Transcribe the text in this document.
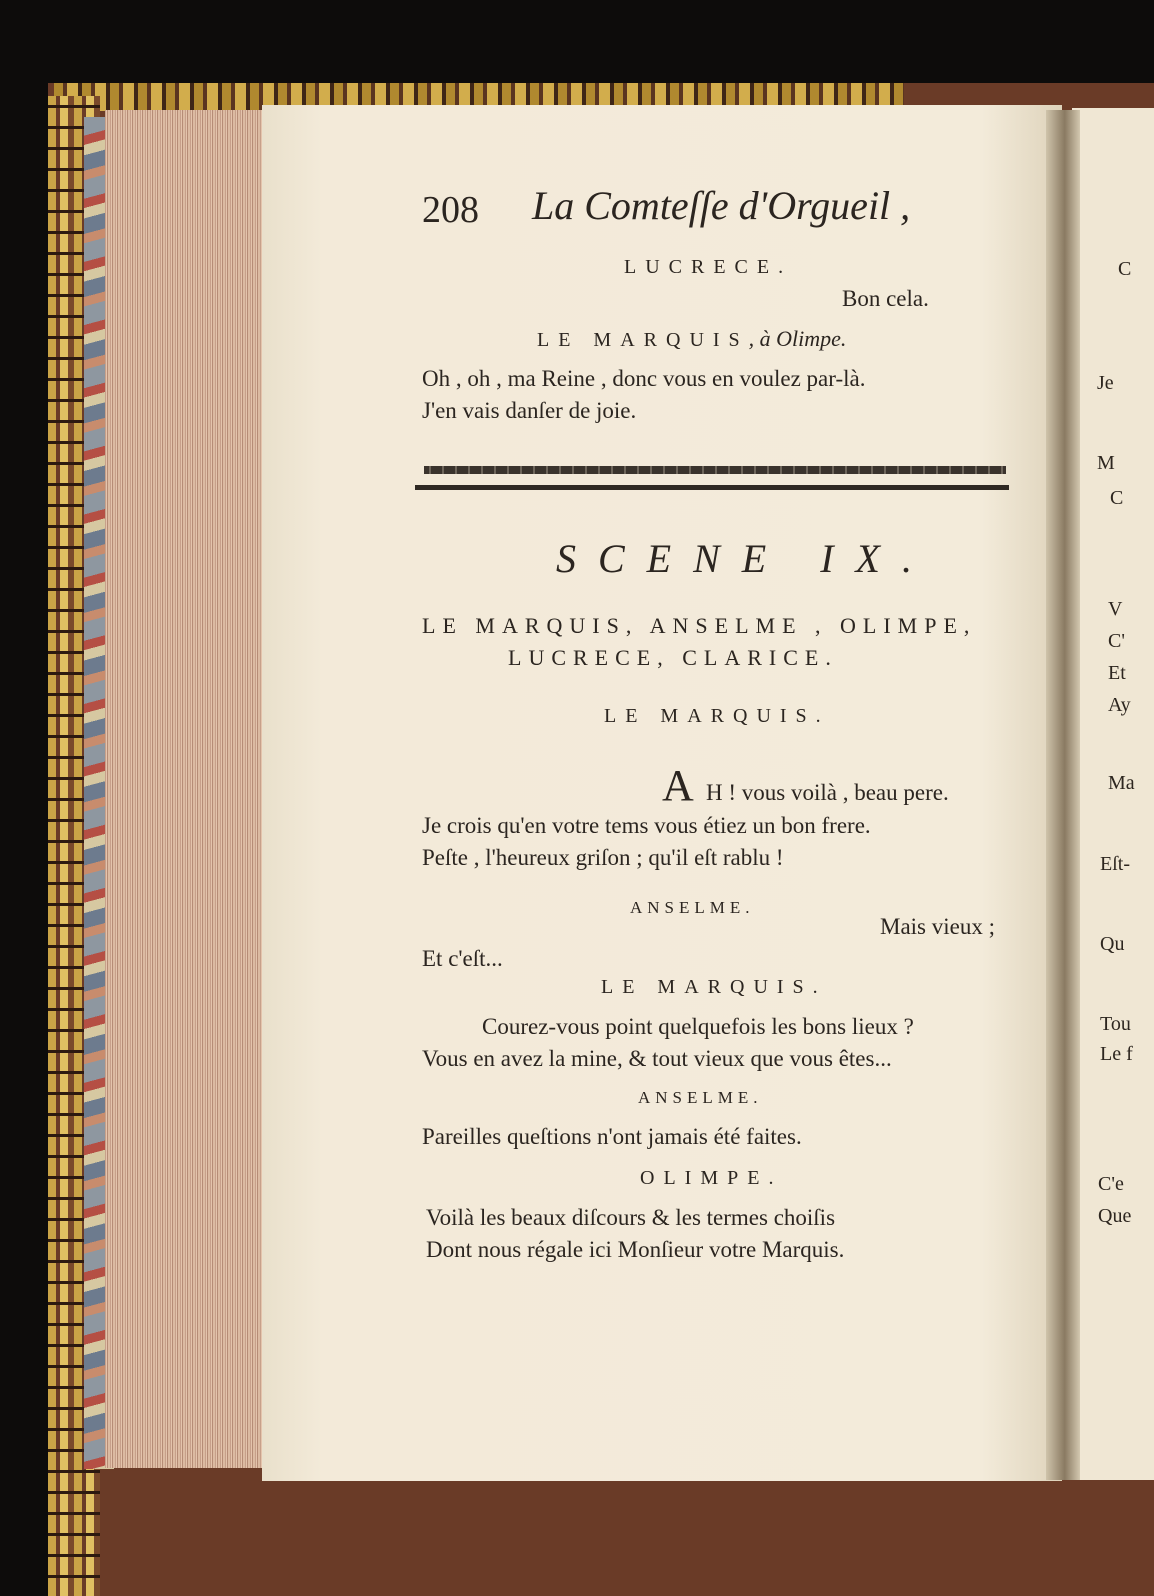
C
Je
M
C
V
C'
Et
Ay
Ma
Eſt-
Qu
Tou
Le f
C'e
Que
208 La Comteſſe d'Orgueil ,
LUCRECE.
Bon cela.
LE MARQUIS, à Olimpe.
Oh , oh , ma Reine , donc vous en voulez par-là.
J'en vais danſer de joie.
SCENE IX.
LE MARQUIS, ANSELME , OLIMPE,
LUCRECE, CLARICE.
LE MARQUIS.
A H ! vous voilà , beau pere.
Je crois qu'en votre tems vous étiez un bon frere.
Peſte , l'heureux griſon ; qu'il eſt rablu !
ANSELME.
Mais vieux ;
Et c'eſt...
LE MARQUIS.
Courez-vous point quelquefois les bons lieux ?
Vous en avez la mine, & tout vieux que vous êtes...
ANSELME.
Pareilles queſtions n'ont jamais été faites.
OLIMPE.
Voilà les beaux diſcours & les termes choiſis
Dont nous régale ici Monſieur votre Marquis.
